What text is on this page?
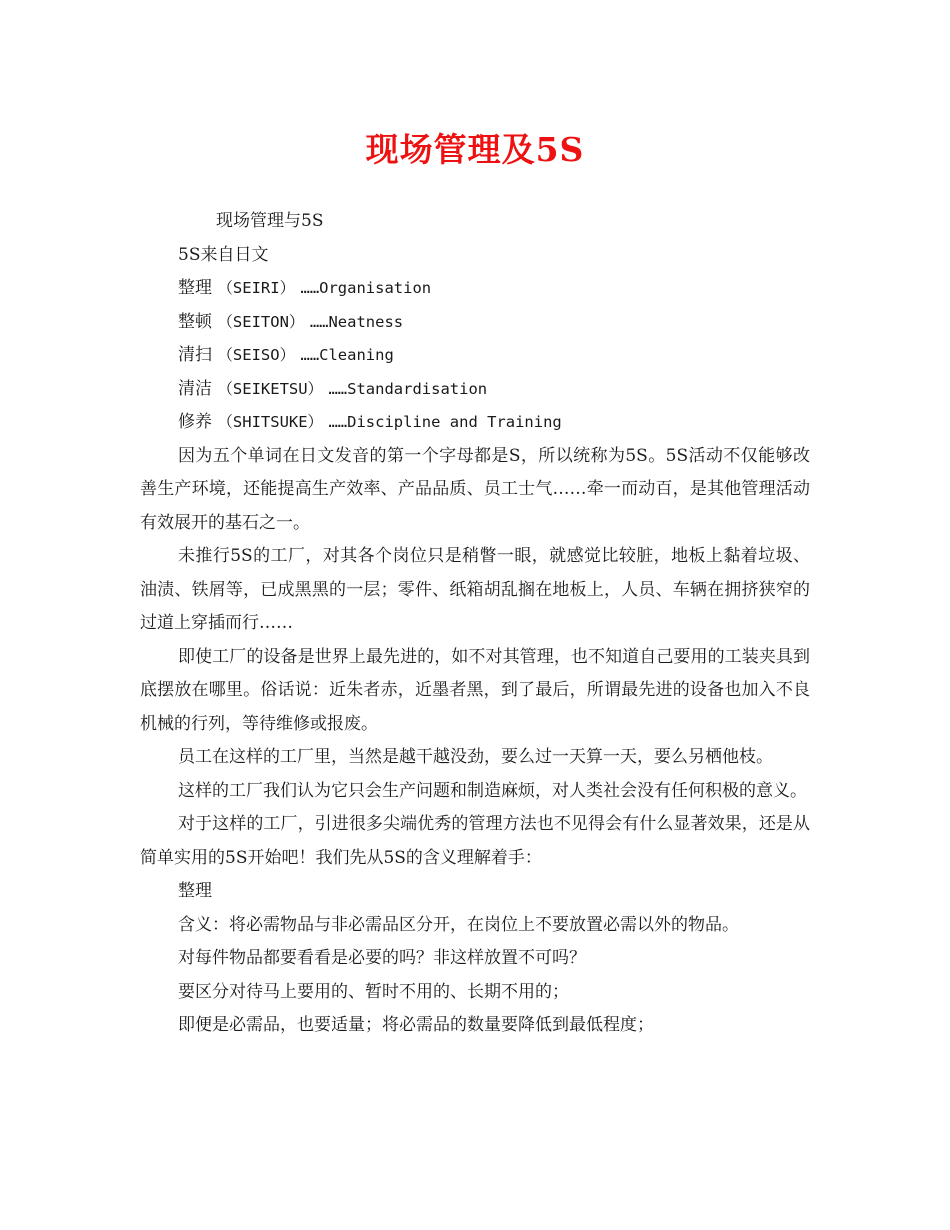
现场管理及5S
现场管理与5S
5S来自日文
整理 （SEIRI） ……Organisation
整顿 （SEITON） ……Neatness
清扫 （SEISO） ……Cleaning
清洁 （SEIKETSU） ……Standardisation
修养 （SHITSUKE） ……Discipline and Training
因为五个单词在日文发音的第一个字母都是S，所以统称为5S。5S活动不仅能够改善生产环境，还能提高生产效率、产品品质、员工士气……牵一而动百，是其他管理活动有效展开的基石之一。
未推行5S的工厂，对其各个岗位只是稍瞥一眼，就感觉比较脏，地板上黏着垃圾、油渍、铁屑等，已成黑黑的一层；零件、纸箱胡乱搁在地板上，人员、车辆在拥挤狭窄的过道上穿插而行……
即使工厂的设备是世界上最先进的，如不对其管理，也不知道自己要用的工装夹具到底摆放在哪里。俗话说：近朱者赤，近墨者黑，到了最后，所谓最先进的设备也加入不良机械的行列，等待维修或报废。
员工在这样的工厂里，当然是越干越没劲，要么过一天算一天，要么另栖他枝。
这样的工厂我们认为它只会生产问题和制造麻烦，对人类社会没有任何积极的意义。
对于这样的工厂，引进很多尖端优秀的管理方法也不见得会有什么显著效果，还是从简单实用的5S开始吧！我们先从5S的含义理解着手：
整理
含义：将必需物品与非必需品区分开，在岗位上不要放置必需以外的物品。
对每件物品都要看看是必要的吗？非这样放置不可吗？
要区分对待马上要用的、暂时不用的、长期不用的；
即便是必需品，也要适量；将必需品的数量要降低到最低程度；
